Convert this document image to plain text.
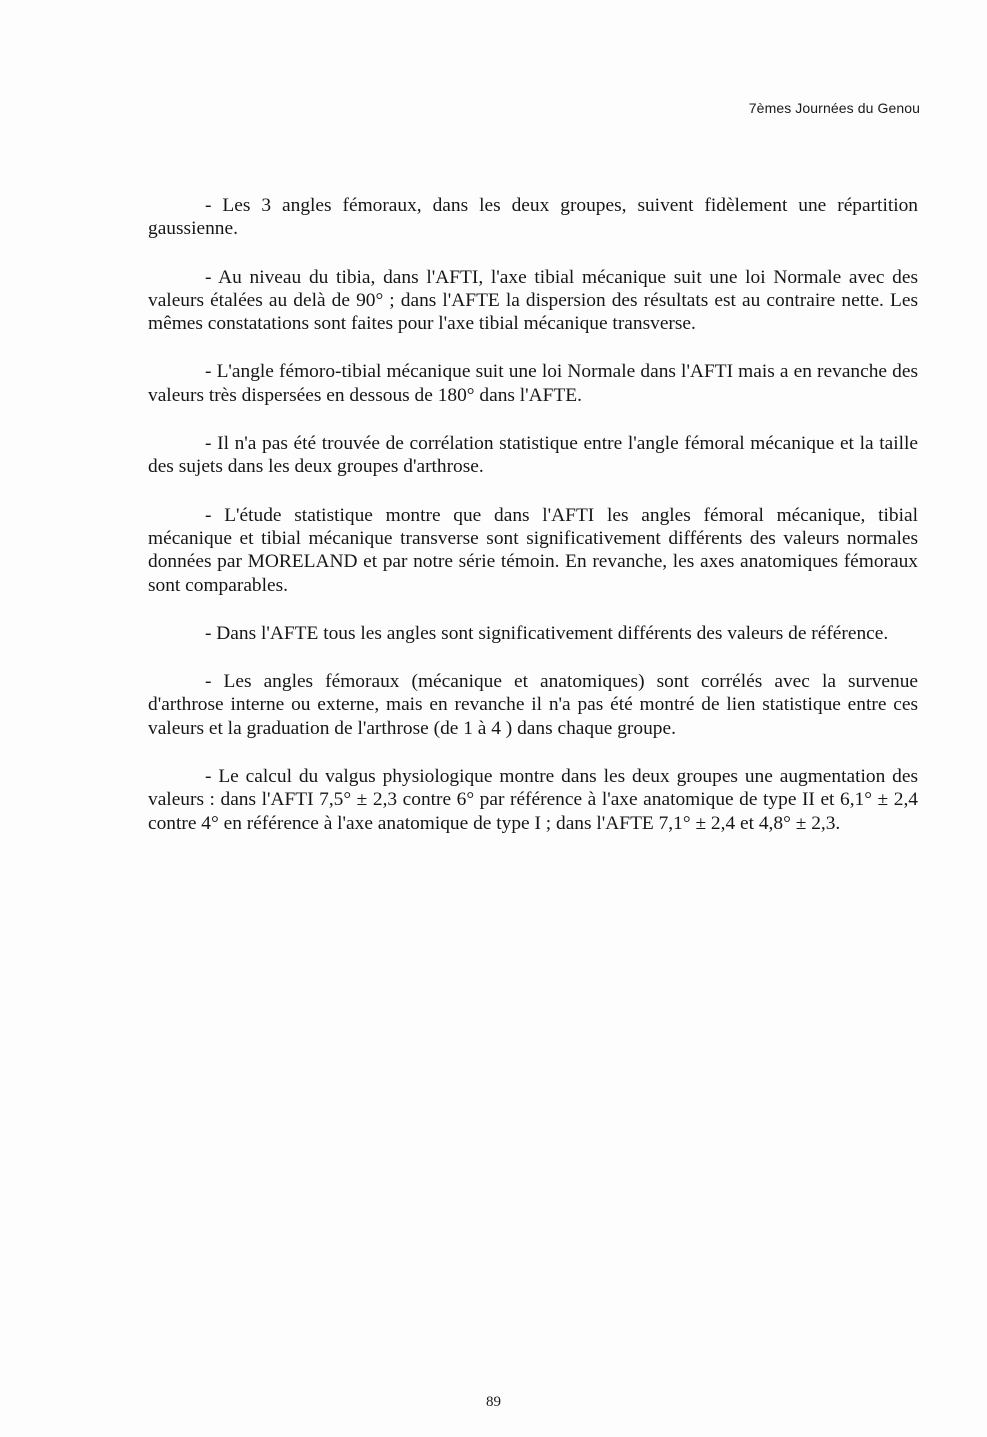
7èmes Journées du Genou

- Les 3 angles fémoraux, dans les deux groupes, suivent fidèlement une répartition gaussienne.

- Au niveau du tibia, dans l'AFTI, l'axe tibial mécanique suit une loi Normale avec des valeurs étalées au delà de 90° ; dans l'AFTE la dispersion des résultats est au contraire nette. Les mêmes constatations sont faites pour l'axe tibial mécanique transverse.

- L'angle fémoro-tibial mécanique suit une loi Normale dans l'AFTI mais a en revanche des valeurs très dispersées en dessous de 180° dans l'AFTE.

- Il n'a pas été trouvée de corrélation statistique entre l'angle fémoral mécanique et la taille des sujets dans les deux groupes d'arthrose.

- L'étude statistique montre que dans l'AFTI les angles fémoral mécanique, tibial mécanique et tibial mécanique transverse sont significativement différents des valeurs normales données par MORELAND et par notre série témoin. En revanche, les axes anatomiques fémoraux sont comparables.

- Dans l'AFTE tous les angles sont significativement différents des valeurs de référence.

- Les angles fémoraux (mécanique et anatomiques) sont corrélés avec la survenue d'arthrose interne ou externe, mais en revanche il n'a pas été montré de lien statistique entre ces valeurs et la graduation de l'arthrose (de 1 à 4 ) dans chaque groupe.

- Le calcul du valgus physiologique montre dans les deux groupes une augmentation des valeurs : dans l'AFTI 7,5° ± 2,3 contre 6° par référence à l'axe anatomique de type II et 6,1° ± 2,4 contre 4° en référence à l'axe anatomique de type I ; dans l'AFTE 7,1° ± 2,4 et 4,8° ± 2,3.

89
